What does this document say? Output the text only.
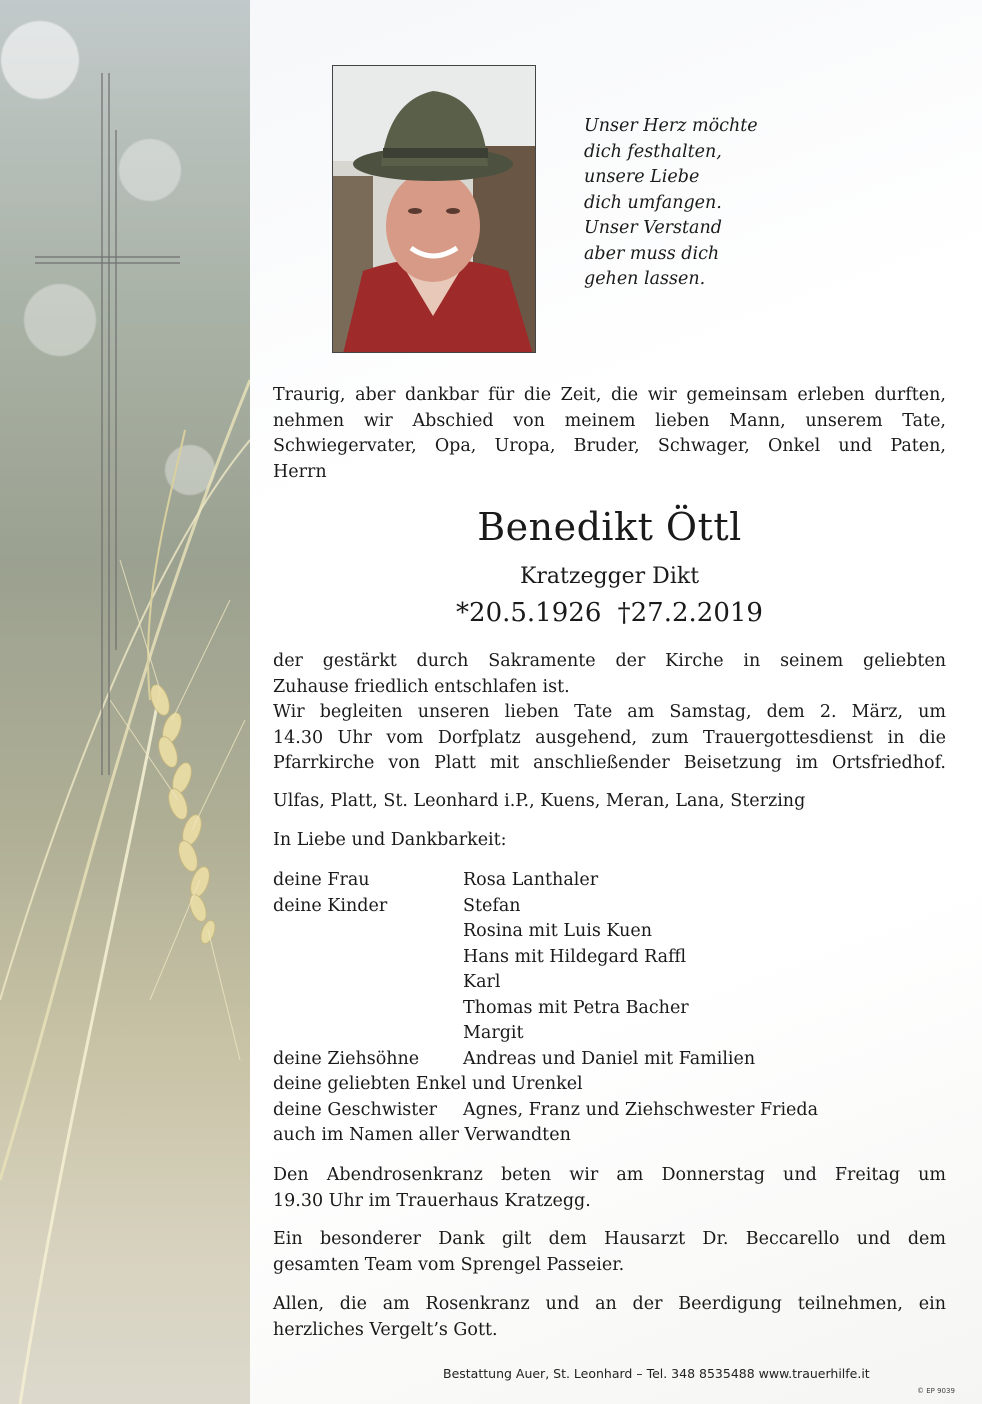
Unser Herz möchte
dich festhalten,
unsere Liebe
dich umfangen.
Unser Verstand
aber muss dich
gehen lassen.
Traurig, aber dankbar für die Zeit, die wir gemeinsam erleben durften,
nehmen wir Abschied von meinem lieben Mann, unserem Tate,
Schwiegervater, Opa, Uropa, Bruder, Schwager, Onkel und Paten,
Herrn
Benedikt Öttl
Kratzegger Dikt
*20.5.1926 †27.2.2019
der gestärkt durch Sakramente der Kirche in seinem geliebten
Zuhause friedlich entschlafen ist.
Wir begleiten unseren lieben Tate am Samstag, dem 2. März, um
14.30 Uhr vom Dorfplatz ausgehend, zum Trauergottesdienst in die
Pfarrkirche von Platt mit anschließender Beisetzung im Ortsfriedhof.
Ulfas, Platt, St. Leonhard i.P., Kuens, Meran, Lana, Sterzing
In Liebe und Dankbarkeit:
deine Frau	Rosa Lanthaler
deine Kinder	Stefan
Rosina mit Luis Kuen
Hans mit Hildegard Raffl
Karl
Thomas mit Petra Bacher
Margit
deine Ziehsöhne	Andreas und Daniel mit Familien
deine geliebten Enkel und Urenkel
deine Geschwister	Agnes, Franz und Ziehschwester Frieda
auch im Namen aller Verwandten
Den Abendrosenkranz beten wir am Donnerstag und Freitag um
19.30 Uhr im Trauerhaus Kratzegg.
Ein besonderer Dank gilt dem Hausarzt Dr. Beccarello und dem
gesamten Team vom Sprengel Passeier.
Allen, die am Rosenkranz und an der Beerdigung teilnehmen, ein
herzliches Vergelt’s Gott.
Bestattung Auer, St. Leonhard – Tel. 348 8535488 www.trauerhilfe.it
© EP 9039
